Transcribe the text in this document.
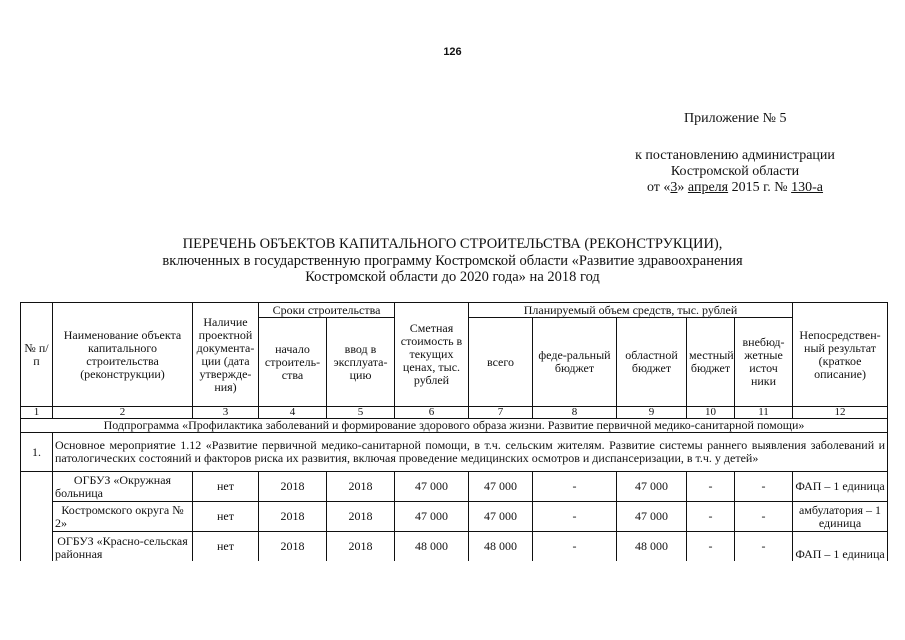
126
Приложение № 5
к постановлению администрации
Костромской области
от «3» апреля 2015 г. № 130-а
ПЕРЕЧЕНЬ ОБЪЕКТОВ КАПИТАЛЬНОГО СТРОИТЕЛЬСТВА (РЕКОНСТРУКЦИИ),
включенных в государственную программу Костромской области «Развитие здравоохранения
Костромской области до 2020 года» на 2018 год
№ п/п	Наименование объекта капитального строительства (реконструкции)	Наличие проектной документа-ции (дата утвержде-ния)	Сроки строительства		Сметная стоимость в текущих ценах, тыс. рублей	Планируемый объем средств, тыс. рублей					Непосредствен-ный результат (краткое описание)
			начало строитель-ства	ввод в эксплуата-цию		всего	феде-ральный бюджет	областной бюджет	местный бюджет	внебюд-жетные источ ники	
1	2	3	4	5	6	7	8	9	10	11	12
Подпрограмма «Профилактика заболеваний и формирование здорового образа жизни. Развитие первичной медико-санитарной помощи»											
1.	Основное мероприятие 1.12 «Развитие первичной медико-санитарной помощи, в т.ч. сельским жителям. Развитие системы раннего выявления заболеваний и патологических состояний и факторов риска их развития, включая проведение медицинских осмотров и диспансеризации, в т.ч. у детей»										
	ОГБУЗ «Окружная больница	нет	2018	2018	47 000	47 000	-	47 000	-	-	ФАП – 1 единица
	Костромского округа № 2»	нет	2018	2018	47 000	47 000	-	47 000	-	-	амбулатория – 1 единица
	ОГБУЗ «Красно-сельская районная	нет	2018	2018	48 000	48 000	-	48 000	-	-	ФАП – 1 единица
